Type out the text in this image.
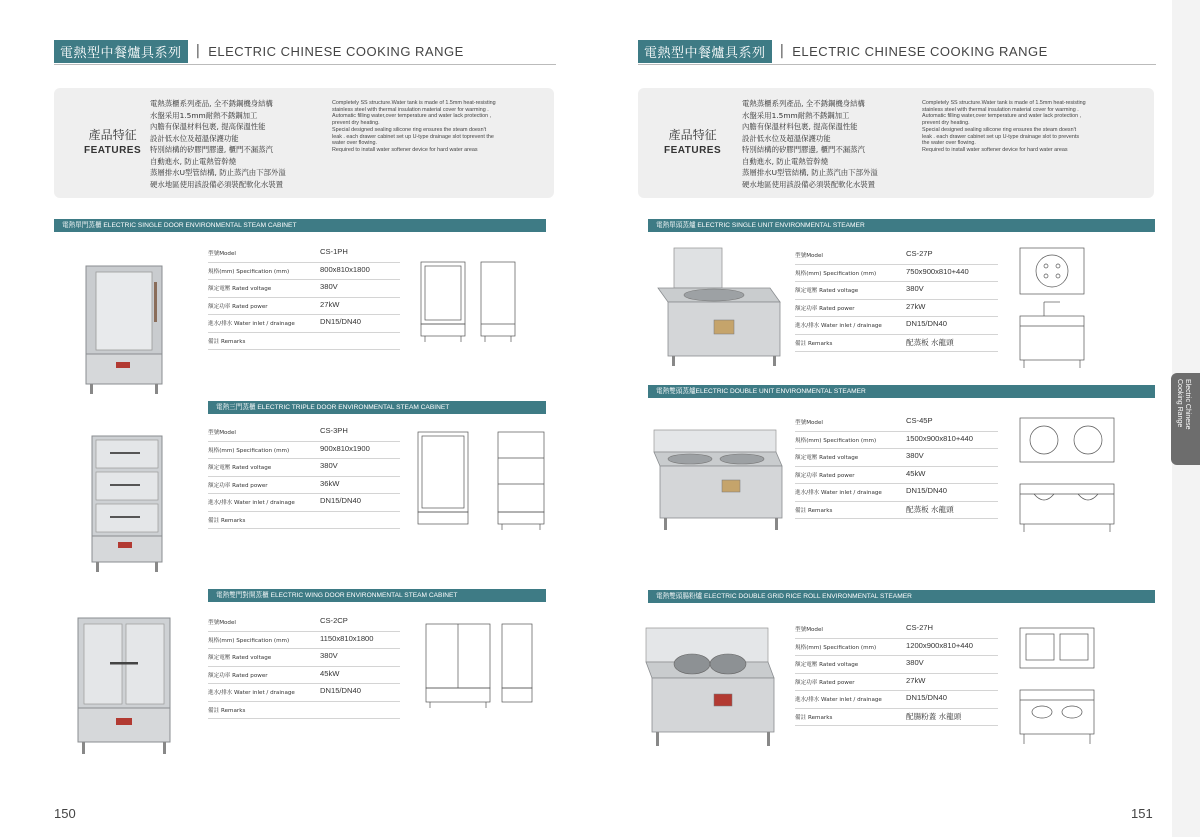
電熱型中餐爐具系列	| ELECTRIC CHINESE COOKING RANGE
產品特征
FEATURES
電熱蒸櫃系列產品, 全不銹鋼機身結構
水盤采用1.5mm耐熱不銹鋼加工
內膽有保溫材料包裹, 提高保溫性能
設計低水位及超溫保護功能
特別結構的矽膠門膠邊, 櫃門不漏蒸汽
自動進水, 防止電熱管幹燒
蒸層排水U型管結構, 防止蒸汽由下部外溢
硬水地區使用該設備必須裝配軟化水裝置
Completely SS structure.Water tank is made of 1.5mm heat-resisting
stainless steel with thermal insulation material cover for warming .
Automatic filling water,over temperature and water lack protection ,
prevent dry heating.
Special designed sealing silicone ring ensures the steam doesn't
leak . each drawer cabinet set up U-type drainage slot toprevent the
water over flowing.
Required to install water softener device for hard water areas
電熱單門蒸櫃 ELECTRIC SINGLE DOOR ENVIRONMENTAL STEAM CABINET
型號Model	CS-1PH
規格(mm) Specification (mm)	800x810x1800
額定電壓 Rated voltage	380V
額定功率 Rated power	27kW
進水/排水 Water inlet / drainage	DN15/DN40
備註 Remarks
電熱三門蒸櫃 ELECTRIC TRIPLE DOOR ENVIRONMENTAL STEAM CABINET
型號Model	CS-3PH
規格(mm) Specification (mm)	900x810x1900
額定電壓 Rated voltage	380V
額定功率 Rated power	36kW
進水/排水 Water inlet / drainage	DN15/DN40
備註 Remarks
電熱雙門對開蒸櫃 ELECTRIC WING DOOR ENVIRONMENTAL STEAM CABINET
型號Model	CS-2CP
規格(mm) Specification (mm)	1150x810x1800
額定電壓 Rated voltage	380V
額定功率 Rated power	45kW
進水/排水 Water inlet / drainage	DN15/DN40
備註 Remarks
150
電熱型中餐爐具系列	| ELECTRIC CHINESE COOKING RANGE
產品特征
FEATURES
電熱蒸櫃系列產品, 全不銹鋼機身結構
水盤采用1.5mm耐熱不銹鋼加工
內膽有保溫材料包裹, 提高保溫性能
設計低水位及超溫保護功能
特別結構的矽膠門膠邊, 櫃門不漏蒸汽
自動進水, 防止電熱管幹燒
蒸層排水U型管結構, 防止蒸汽由下部外溢
硬水地區使用該設備必須裝配軟化水裝置
Completely SS structure.Water tank is made of 1.5mm heat-resisting
stainless steel with thermal insulation material cover for warming .
Automatic filling water,over temperature and water lack protection ,
prevent dry heating.
Special designed sealing silicone ring ensures the steam doesn't
leak . each drawer cabinet set up U-type drainage slot to prevents
the water over flowing.
Required to install water softener device for hard water areas
電熱單頭蒸爐 ELECTRIC SINGLE UNIT ENVIRONMENTAL STEAMER
型號Model	CS-27P
規格(mm) Specification (mm)	750x900x810+440
額定電壓 Rated voltage	380V
額定功率 Rated power	27kW
進水/排水 Water inlet / drainage	DN15/DN40
備註 Remarks	配蒸板 水龍頭
電熱雙頭蒸爐ELECTRIC DOUBLE UNIT ENVIRONMENTAL STEAMER
型號Model	CS-45P
規格(mm) Specification (mm)	1500x900x810+440
額定電壓 Rated voltage	380V
額定功率 Rated power	45kW
進水/排水 Water inlet / drainage	DN15/DN40
備註 Remarks	配蒸板 水龍頭
電熱雙頭腸粉爐 ELECTRIC DOUBLE GRID RICE ROLL ENVIRONMENTAL STEAMER
型號Model	CS-27H
規格(mm) Specification (mm)	1200x900x810+440
額定電壓 Rated voltage	380V
額定功率 Rated power	27kW
進水/排水 Water inlet / drainage	DN15/DN40
備註 Remarks	配腸粉蓋 水龍頭
151
Electric Chinese
Cooking Range
